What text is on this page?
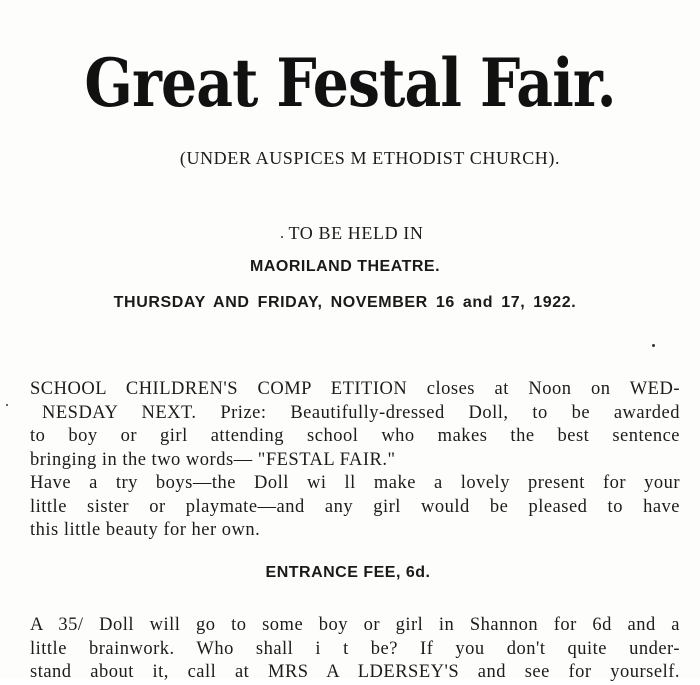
Great Festal Fair.
(UNDER AUSPICES M ETHODIST CHURCH).
TO BE HELD IN
MAORILAND THEATRE.
THURSDAY AND FRIDAY, NOVEMBER 16 and 17, 1922.
SCHOOL CHILDREN'S COMP ETITION closes at Noon on WED-
NESDAY NEXT. Prize: Beautifully-dressed Doll, to be awarded
to boy or girl attending school who makes the best sentence
bringing in the two words— "FESTAL FAIR."
Have a try boys—the Doll wi ll make a lovely present for your
little sister or playmate—and any girl would be pleased to have
this little beauty for her own.
ENTRANCE FEE, 6d.
A 35/ Doll will go to some boy or girl in Shannon for 6d and a
little brainwork. Who shall i t be? If you don't quite under-
stand about it, call at MRS A LDERSEY'S and see for yourself.
